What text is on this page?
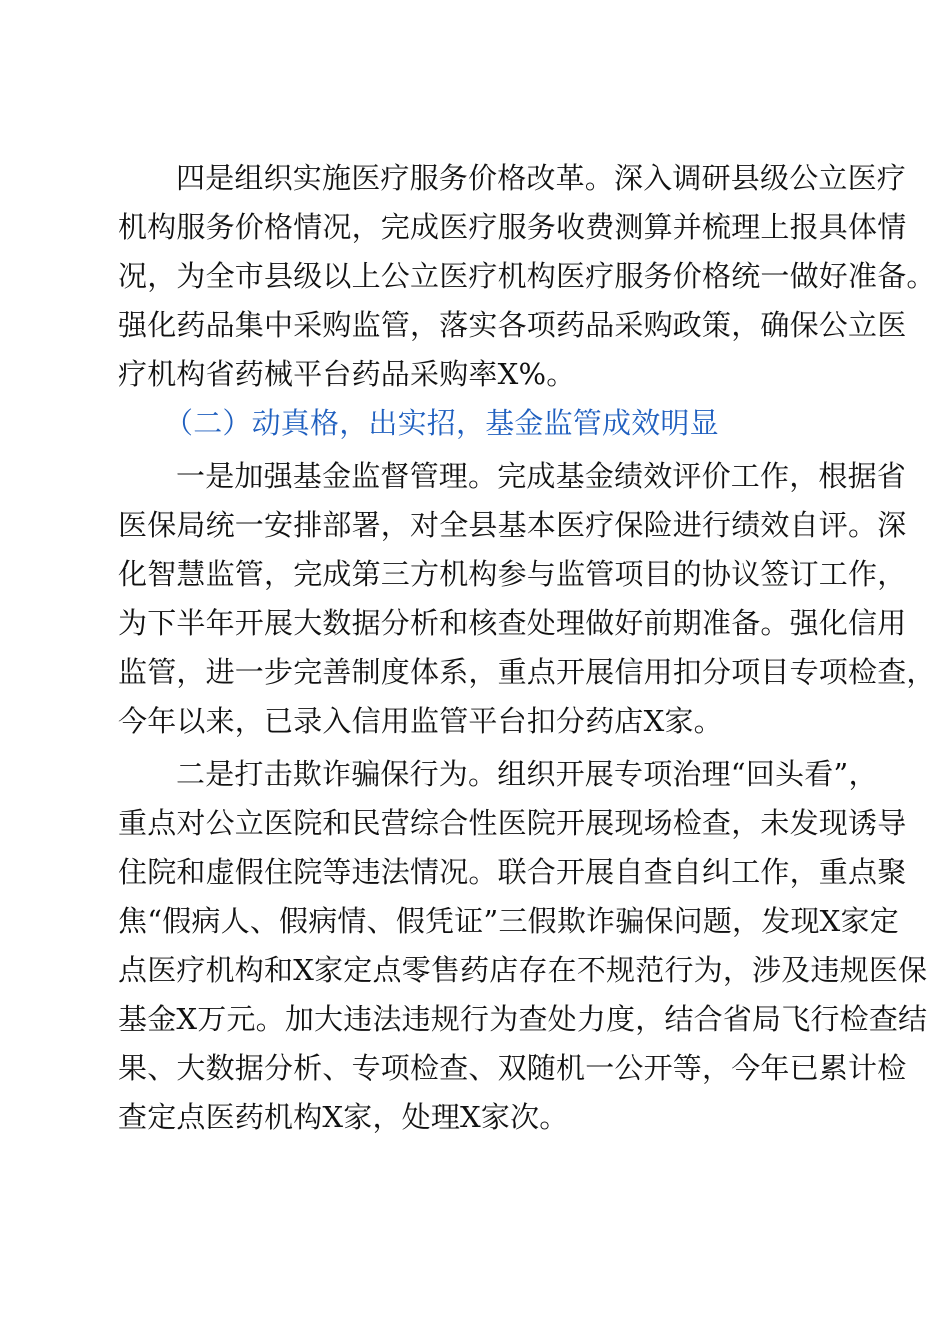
四是组织实施医疗服务价格改革。深入调研县级公立医疗
机构服务价格情况，完成医疗服务收费测算并梳理上报具体情
况，为全市县级以上公立医疗机构医疗服务价格统一做好准备。
强化药品集中采购监管，落实各项药品采购政策，确保公立医
疗机构省药械平台药品采购率X%。
（二）动真格，出实招，基金监管成效明显
一是加强基金监督管理。完成基金绩效评价工作，根据省
医保局统一安排部署，对全县基本医疗保险进行绩效自评。深
化智慧监管，完成第三方机构参与监管项目的协议签订工作，
为下半年开展大数据分析和核查处理做好前期准备。强化信用
监管，进一步完善制度体系，重点开展信用扣分项目专项检查，
今年以来，已录入信用监管平台扣分药店X家。
二是打击欺诈骗保行为。组织开展专项治理“回头看”，
重点对公立医院和民营综合性医院开展现场检查，未发现诱导
住院和虚假住院等违法情况。联合开展自查自纠工作，重点聚
焦“假病人、假病情、假凭证”三假欺诈骗保问题，发现X家定
点医疗机构和X家定点零售药店存在不规范行为，涉及违规医保
基金X万元。加大违法违规行为查处力度，结合省局飞行检查结
果、大数据分析、专项检查、双随机一公开等，今年已累计检
查定点医药机构X家，处理X家次。
